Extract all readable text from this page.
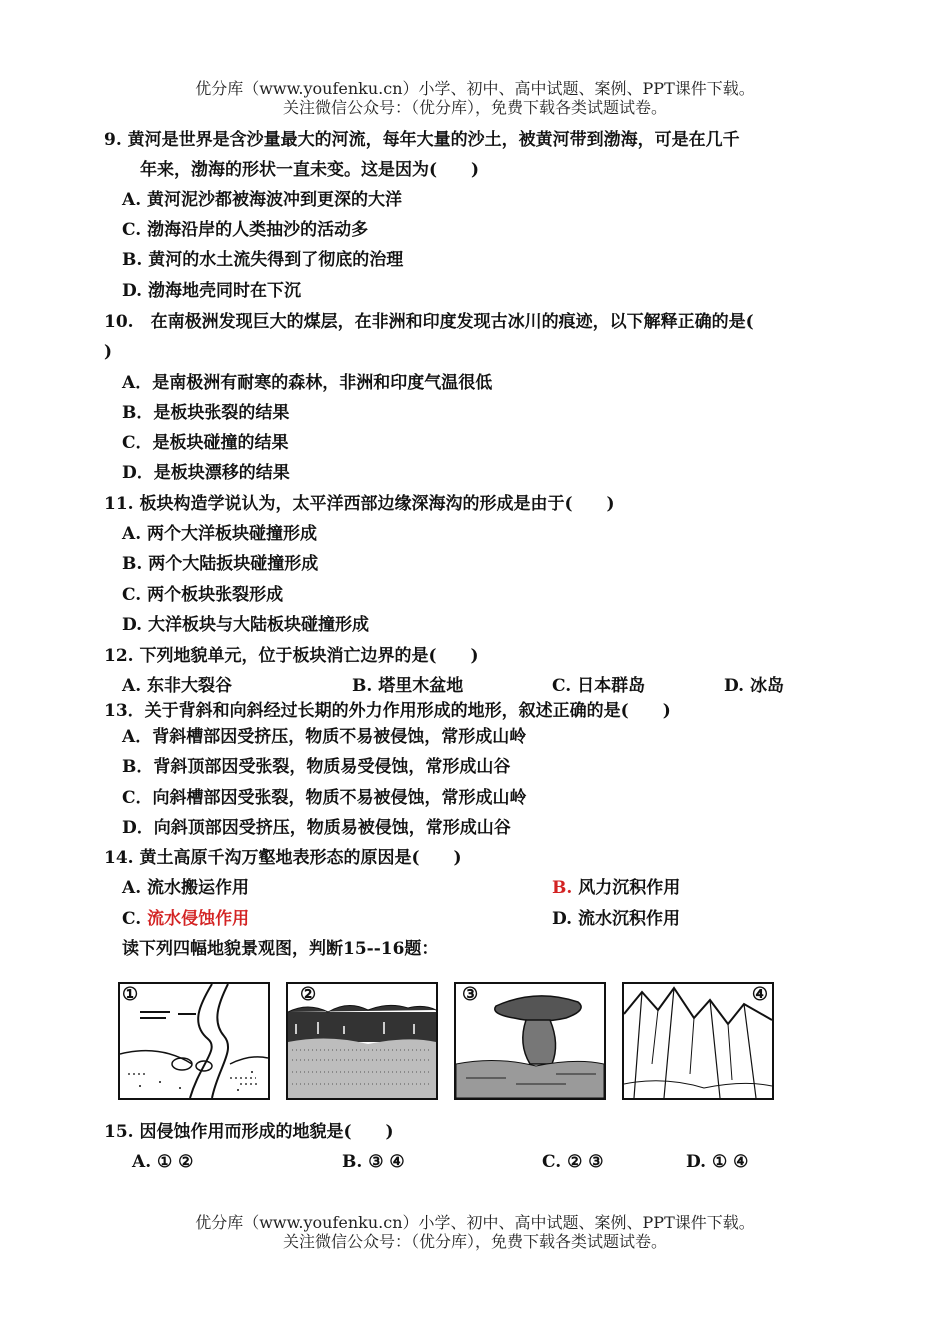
优分库（www.youfenku.cn）小学、初中、高中试题、案例、PPT课件下载。
关注微信公众号：（优分库），免费下载各类试题试卷。
9. 黄河是世界是含沙量最大的河流，每年大量的沙土，被黄河带到渤海，可是在几千
年来，渤海的形状一直未变。这是因为(　　)
A. 黄河泥沙都被海波冲到更深的大洋
C. 渤海沿岸的人类抽沙的活动多
B. 黄河的水土流失得到了彻底的治理
D. 渤海地壳同时在下沉
10.　在南极洲发现巨大的煤层，在非洲和印度发现古冰川的痕迹，以下解释正确的是(
)
A．是南极洲有耐寒的森林，非洲和印度气温很低
B．是板块张裂的结果
C．是板块碰撞的结果
D．是板块漂移的结果
11. 板块构造学说认为，太平洋西部边缘深海沟的形成是由于(　　)
A. 两个大洋板块碰撞形成
B. 两个大陆扳块碰撞形成
C. 两个板块张裂形成
D. 大洋板块与大陆板块碰撞形成
12. 下列地貌单元，位于板块消亡边界的是(　　)
A. 东非大裂谷	B. 塔里木盆地	C. 日本群岛	D. 冰岛
13．关于背斜和向斜经过长期的外力作用形成的地形，叙述正确的是(　　)
A．背斜槽部因受挤压，物质不易被侵蚀，常形成山岭
B．背斜顶部因受张裂，物质易受侵蚀，常形成山谷
C．向斜槽部因受张裂，物质不易被侵蚀，常形成山岭
D．向斜顶部因受挤压，物质易被侵蚀，常形成山谷
14. 黄土高原千沟万壑地表形态的原因是(　　)
A. 流水搬运作用	B. 风力沉积作用
C. 流水侵蚀作用	D. 流水沉积作用
读下列四幅地貌景观图，判断15--16题：
①	②	③	④
15. 因侵蚀作用而形成的地貌是(　　)
A. ① ②	B. ③ ④	C. ② ③	D. ① ④
优分库（www.youfenku.cn）小学、初中、高中试题、案例、PPT课件下载。
关注微信公众号：（优分库），免费下载各类试题试卷。
